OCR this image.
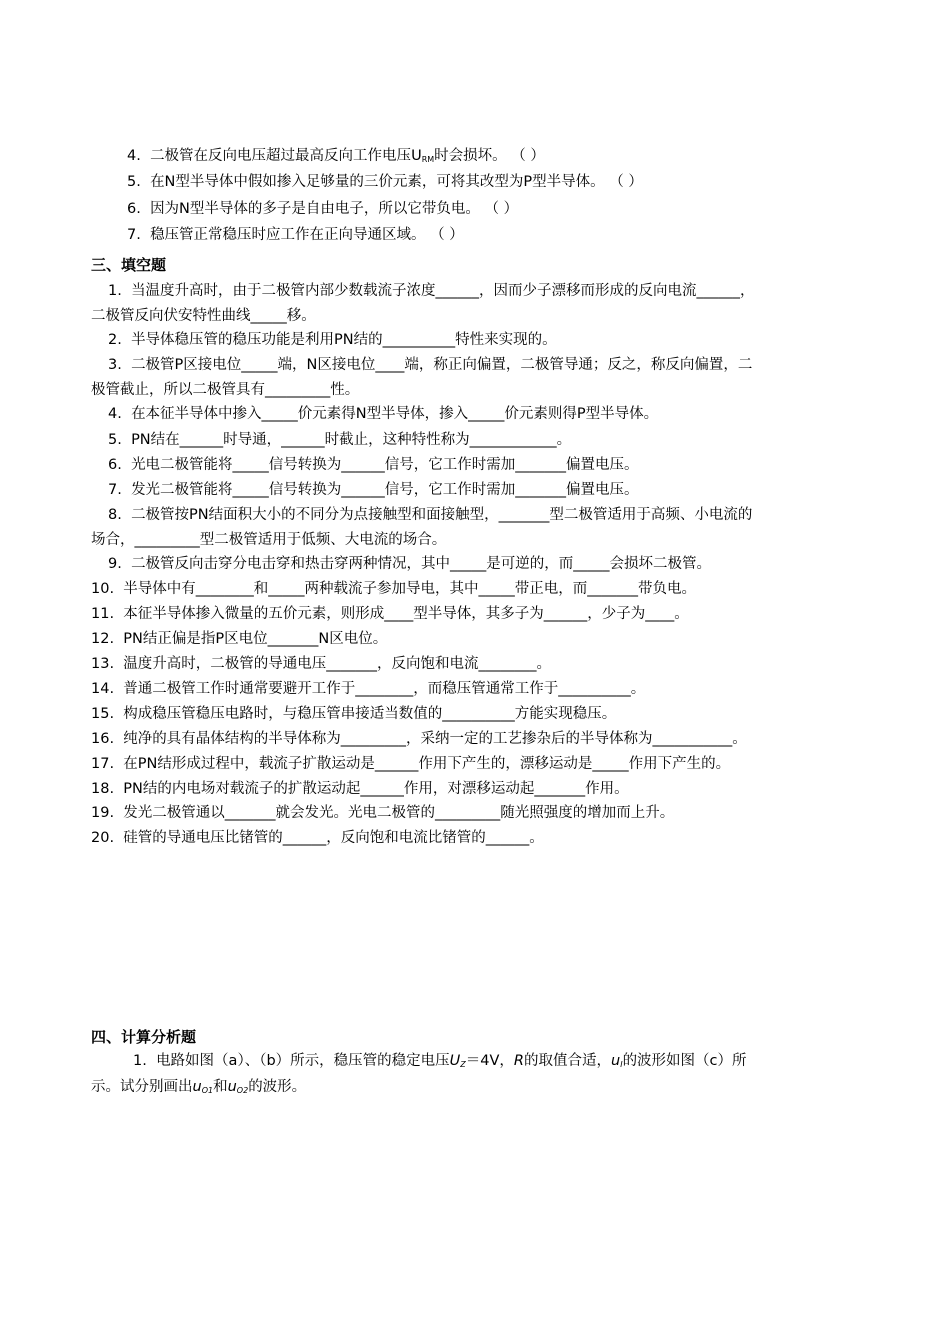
4. 二极管在反向电压超过最高反向工作电压$U_{RM}$时会损坏。 （ ）
5. 在N型半导体中假如掺入足够量的三价元素，可将其改型为P型半导体。 （ ）
6. 因为N型半导体的多子是自由电子，所以它带负电。 （ ）
7. 稳压管正常稳压时应工作在正向导通区域。 （ ）
三、填空题
1. 当温度升高时，由于二极管内部少数载流子浓度______，因而少子漂移而形成的反向电流______，
二极管反向伏安特性曲线_____移。
2. 半导体稳压管的稳压功能是利用PN结的__________特性来实现的。
3. 二极管P区接电位_____端，N区接电位____端，称正向偏置，二极管导通；反之，称反向偏置，二
极管截止，所以二极管具有_________性。
4. 在本征半导体中掺入_____价元素得N型半导体，掺入_____价元素则得P型半导体。
5. PN结在______时导通，______时截止，这种特性称为____________。
6. 光电二极管能将_____信号转换为______信号，它工作时需加_______偏置电压。
7. 发光二极管能将_____信号转换为______信号，它工作时需加_______偏置电压。
8. 二极管按PN结面积大小的不同分为点接触型和面接触型，_______型二极管适用于高频、小电流的
场合，_________型二极管适用于低频、大电流的场合。
9. 二极管反向击穿分电击穿和热击穿两种情况，其中_____是可逆的，而_____会损坏二极管。
10. 半导体中有________和_____两种载流子参加导电，其中_____带正电，而_______带负电。
11. 本征半导体掺入微量的五价元素，则形成____型半导体，其多子为______，少子为____。
12. PN结正偏是指P区电位_______N区电位。
13. 温度升高时，二极管的导通电压_______，反向饱和电流________。
14. 普通二极管工作时通常要避开工作于________，而稳压管通常工作于__________。
15. 构成稳压管稳压电路时，与稳压管串接适当数值的__________方能实现稳压。
16. 纯净的具有晶体结构的半导体称为_________，采纳一定的工艺掺杂后的半导体称为___________。
17. 在PN结形成过程中，载流子扩散运动是______作用下产生的，漂移运动是_____作用下产生的。
18. PN结的内电场对载流子的扩散运动起______作用，对漂移运动起_______作用。
19. 发光二极管通以_______就会发光。光电二极管的_________随光照强度的增加而上升。
20. 硅管的导通电压比锗管的______，反向饱和电流比锗管的______。
四、计算分析题
1. 电路如图（a）、（b）所示，稳压管的稳定电压$U_Z=4V$，R的取值合适，$u_I$的波形如图（c）所
示。试分别画出$u_{O1}$和$u_{O2}$的波形。
